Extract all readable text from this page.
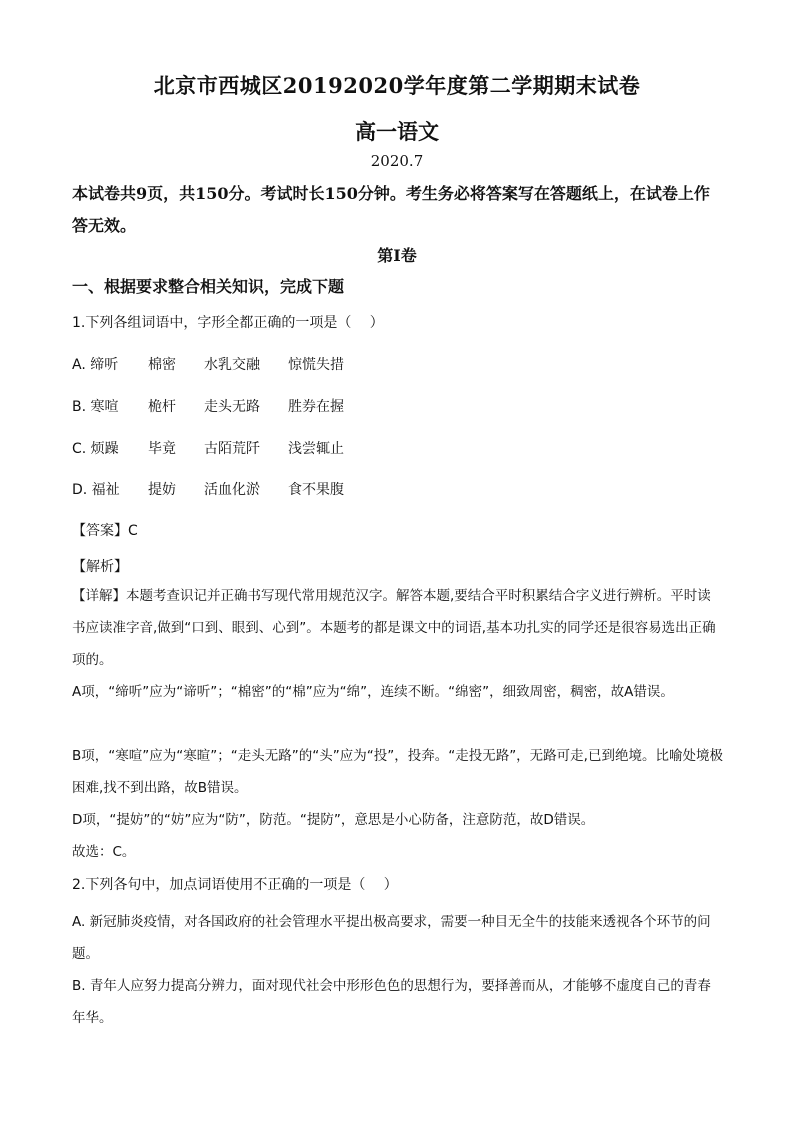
北京市西城区20192020学年度第二学期期末试卷
高一语文
2020.7
本试卷共9页，共150分。考试时长150分钟。考生务必将答案写在答题纸上，在试卷上作答无效。
第Ⅰ卷
一、根据要求整合相关知识，完成下题
1.下列各组词语中，字形全都正确的一项是（　 ）
A. 缔听	棉密	水乳交融	惊慌失措
B. 寒喧	桅杆	走头无路	胜券在握
C. 烦躁	毕竟	古陌荒阡	浅尝辄止
D. 福祉	提妨	活血化淤	食不果腹
【答案】C
【解析】
【详解】本题考查识记并正确书写现代常用规范汉字。解答本题,要结合平时积累结合字义进行辨析。平时读书应读准字音,做到“口到、眼到、心到”。本题考的都是课文中的词语,基本功扎实的同学还是很容易选出正确项的。
A项，“缔听”应为“谛听”；“棉密”的“棉”应为“绵”，连续不断。“绵密”，细致周密，稠密，故A错误。
B项，“寒喧”应为“寒暄”；“走头无路”的“头”应为“投”，投奔。“走投无路”，无路可走,已到绝境。比喻处境极困难,找不到出路，故B错误。
D项，“提妨”的“妨”应为“防”，防范。“提防”，意思是小心防备，注意防范，故D错误。
故选：C。
2.下列各句中，加点词语使用不正确的一项是（　 ）
A. 新冠肺炎疫情，对各国政府的社会管理水平提出极高要求，需要一种目无全牛的技能来透视各个环节的问题。
B. 青年人应努力提高分辨力，面对现代社会中形形色色的思想行为，要择善而从，才能够不虚度自己的青春年华。
